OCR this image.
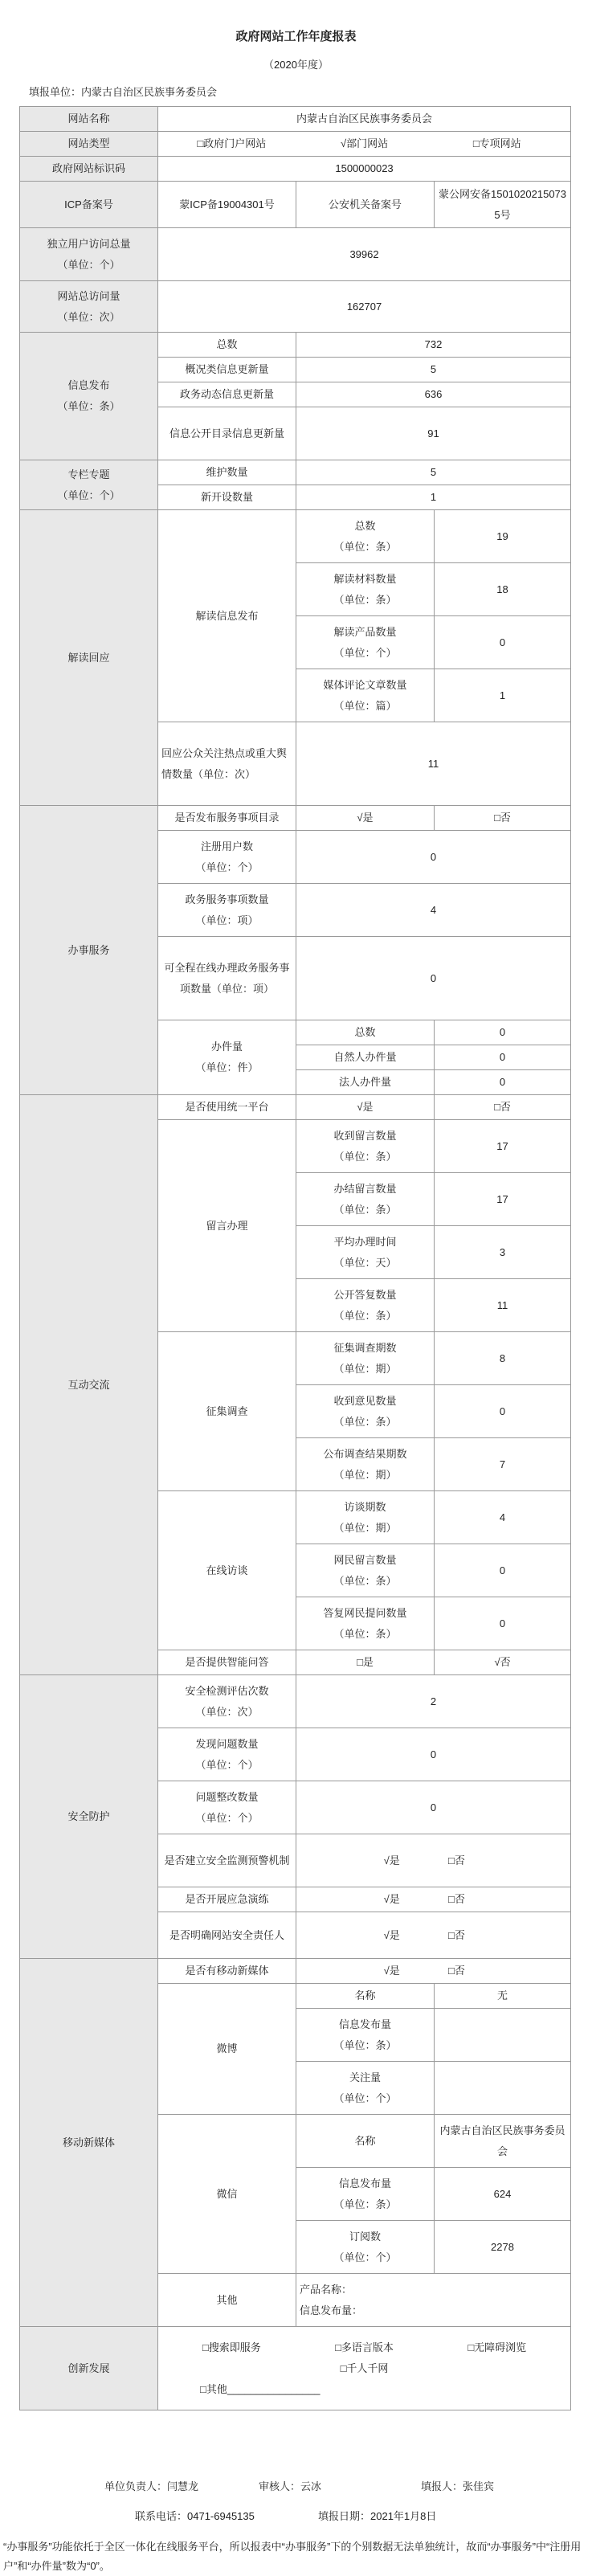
政府网站工作年度报表
（2020年度）
填报单位：内蒙古自治区民族事务委员会
网站名称	内蒙古自治区民族事务委员会		
网站类型	□政府门户网站 √部门网站 □专项网站		
政府网站标识码	1500000023		
ICP备案号	蒙ICP备19004301号	公安机关备案号	蒙公网安备15010202150735号

独立用户访问总量
（单位：个）	39962		

网站总访问量
（单位：次）	162707		

信息发布
（单位：条）	总数	732	
	概况类信息更新量	5	
	政务动态信息更新量	636	
	信息公开目录信息更新量	91	

专栏专题
（单位：个）	维护数量	5	
	新开设数量	1	
解读回应	解读信息发布	总数
（单位：条）	19

		解读材料数量
（单位：条）	18

		解读产品数量
（单位：个）	0

		媒体评论文章数量
（单位：篇）	1
	回应公众关注热点或重大舆情数量（单位：次）	11	
办事服务	是否发布服务事项目录	√是	□否

	注册用户数
（单位：个）	0	

	政务服务事项数量
（单位：项）	4	
	可全程在线办理政务服务事项数量（单位：项）	0	

	办件量
（单位：件）	总数	0
		自然人办件量	0
		法人办件量	0
互动交流	是否使用统一平台	√是	□否
	留言办理	收到留言数量
（单位：条）	17

		办结留言数量
（单位：条）	17

		平均办理时间
（单位：天）	3

		公开答复数量
（单位：条）	11
	征集调查	征集调查期数
（单位：期）	8

		收到意见数量
（单位：条）	0

		公布调查结果期数
（单位：期）	7
	在线访谈	访谈期数
（单位：期）	4

		网民留言数量
（单位：条）	0

		答复网民提问数量
（单位：条）	0
	是否提供智能问答	□是	√否
安全防护	安全检测评估次数
（单位：次）	2	

	发现问题数量
（单位：个）	0	

	问题整改数量
（单位：个）	0	
	是否建立安全监测预警机制	√是 □否	
	是否开展应急演练	√是 □否	
	是否明确网站安全责任人	√是 □否	
移动新媒体	是否有移动新媒体	√是 □否	
	微博	名称	无

		信息发布量
（单位：条）	

		关注量
（单位：个）	

	微信	名称	内蒙古自治区民族事务委员会

		信息发布量
（单位：条）	624

		订阅数
（单位：个）	2278
	其他	产品名称：
信息发布量：	

创新发展	□搜索即服务 □多语言版本 □无障碍浏览
□千人千网
□其他________________		
单位负责人：闫慧龙	审核人：云冰	填报人：张佳宾
联系电话：0471-6945135	填报日期：2021年1月8日
“办事服务”功能依托于全区一体化在线服务平台，所以报表中“办事服务”下的个别数据无法单独统计，故而“办事服务”中“注册用户”和“办件量”数为“0”。
